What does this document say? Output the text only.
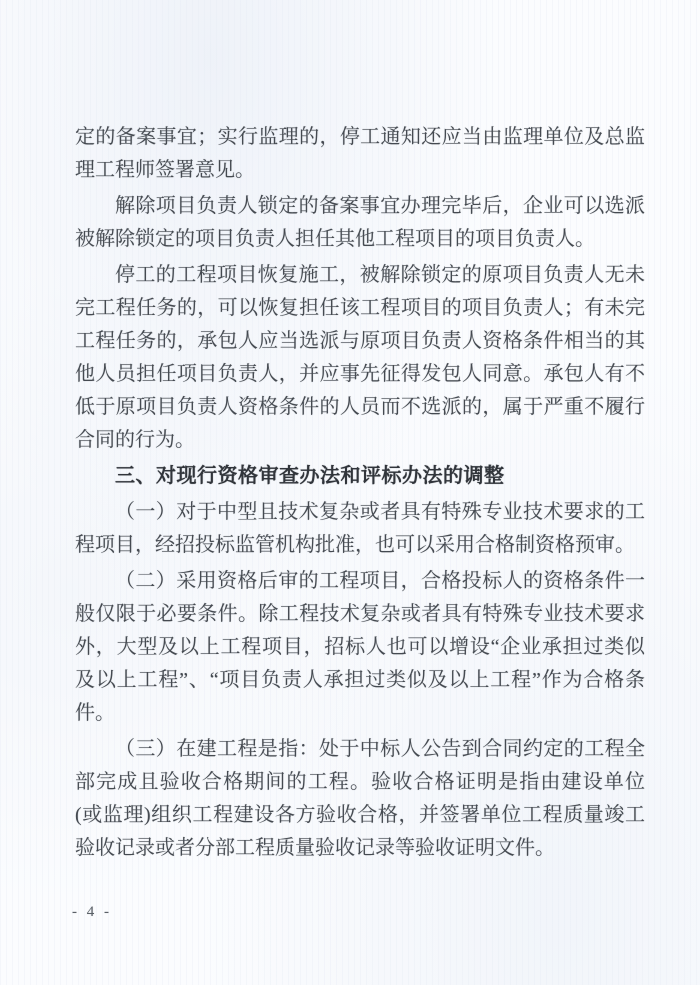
定的备案事宜；实行监理的，停工通知还应当由监理单位及总监
理工程师签署意见。
解除项目负责人锁定的备案事宜办理完毕后，企业可以选派
被解除锁定的项目负责人担任其他工程项目的项目负责人。
停工的工程项目恢复施工，被解除锁定的原项目负责人无未
完工程任务的，可以恢复担任该工程项目的项目负责人；有未完
工程任务的，承包人应当选派与原项目负责人资格条件相当的其
他人员担任项目负责人，并应事先征得发包人同意。承包人有不
低于原项目负责人资格条件的人员而不选派的，属于严重不履行
合同的行为。
三、对现行资格审查办法和评标办法的调整
（一）对于中型且技术复杂或者具有特殊专业技术要求的工
程项目，经招投标监管机构批准，也可以采用合格制资格预审。
（二）采用资格后审的工程项目，合格投标人的资格条件一
般仅限于必要条件。除工程技术复杂或者具有特殊专业技术要求
外，大型及以上工程项目，招标人也可以增设“企业承担过类似
及以上工程”、“项目负责人承担过类似及以上工程”作为合格条
件。
（三）在建工程是指：处于中标人公告到合同约定的工程全
部完成且验收合格期间的工程。验收合格证明是指由建设单位
(或监理)组织工程建设各方验收合格，并签署单位工程质量竣工
验收记录或者分部工程质量验收记录等验收证明文件。
- 4 -
